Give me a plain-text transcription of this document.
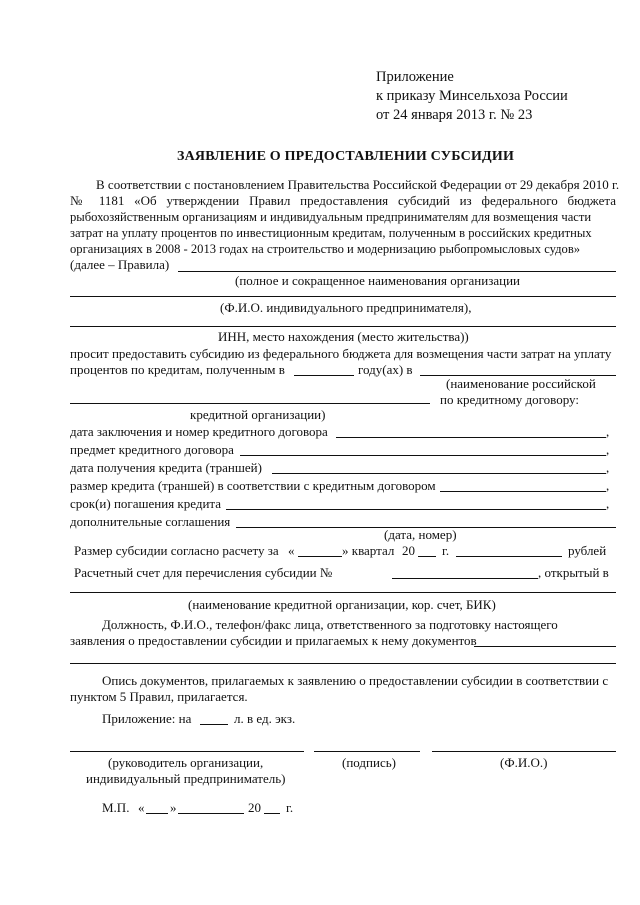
Приложение
к приказу Минсельхоза России
от 24 января 2013 г. № 23
ЗАЯВЛЕНИЕ О ПРЕДОСТАВЛЕНИИ СУБСИДИИ
В соответствии с постановлением Правительства Российской Федерации от 29 декабря 2010 г.
№ 1181 «Об утверждении Правил предоставления субсидий из федерального бюджета
рыбохозяйственным организациям и индивидуальным предпринимателям для возмещения части
затрат на уплату процентов по инвестиционным кредитам, полученным в российских кредитных
организациях в 2008 - 2013 годах на строительство и модернизацию рыбопромысловых судов»
(далее – Правила)
(полное и сокращенное наименования организации
(Ф.И.О. индивидуального предпринимателя),
ИНН, место нахождения (место жительства))
просит предоставить субсидию из федерального бюджета для возмещения части затрат на уплату
процентов по кредитам, полученным в	году(ах) в
(наименование российской
по кредитному договору:
кредитной организации)
дата заключения и номер кредитного договора	,
предмет кредитного договора	,
дата получения кредита (траншей)	,
размер кредита (траншей) в соответствии с кредитным договором	,
срок(и) погашения кредита	,
дополнительные соглашения
(дата, номер)
Размер субсидии согласно расчету за «	» квартал 20 г.	рублей
Расчетный счет для перечисления субсидии №	, открытый в
(наименование кредитной организации, кор. счет, БИК)
Должность, Ф.И.О., телефон/факс лица, ответственного за подготовку настоящего
заявления о предоставлении субсидии и прилагаемых к нему документов
Опись документов, прилагаемых к заявлению о предоставлении субсидии в соответствии с
пунктом 5 Правил, прилагается.
Приложение: на	л. в ед. экз.
(руководитель организации,
индивидуальный предприниматель)
(подпись)	(Ф.И.О.)
М.П. « »	20 г.
